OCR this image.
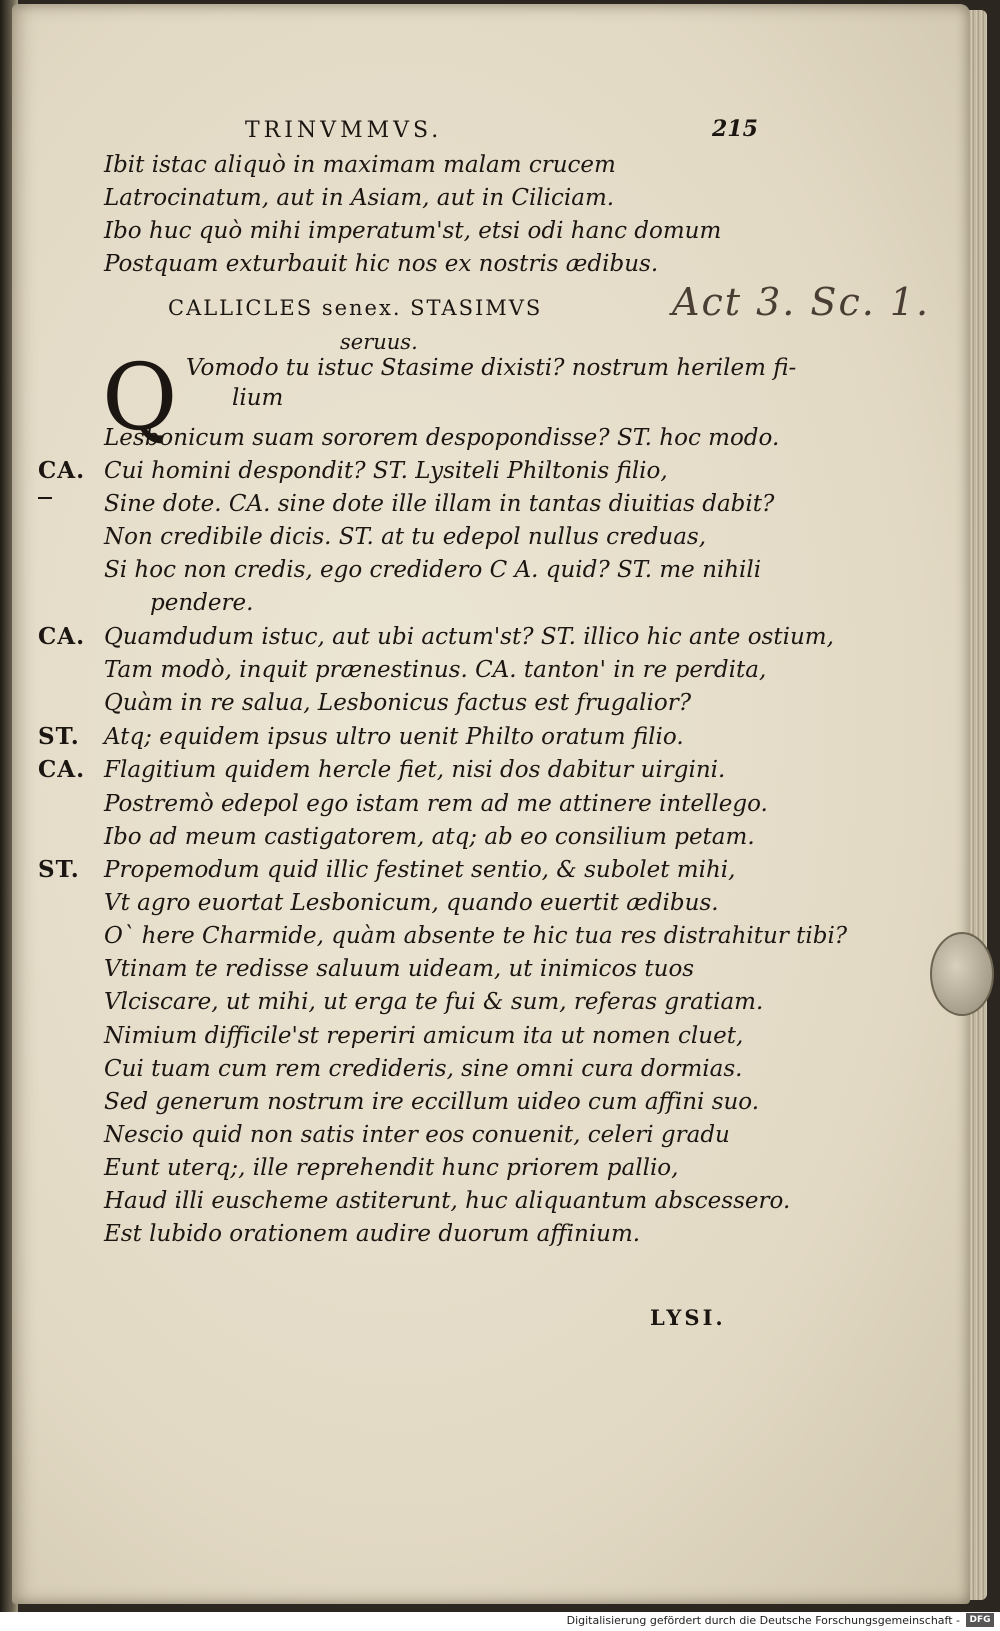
TRINVMMVS.	215
CALLICLES senex. STASIMVS
seruus.
Act 3. Sc. 1.
Q
Ibit istac aliquò in maximam malam crucem
Latrocinatum, aut in Asiam, aut in Ciliciam.
Ibo huc quò mihi imperatum'st, etsi odi hanc domum
Postquam exturbauit hic nos ex nostris ædibus.
Vomodo tu istuc Stasime dixisti? nostrum herilem fi-
lium
Lesbonicum suam sororem despopondisse? ST. hoc modo.
Cui homini despondit? ST. Lysiteli Philtonis filio,
CA.
Sine dote. CA. sine dote ille illam in tantas diuitias dabit?
Non credibile dicis. ST. at tu edepol nullus creduas,
Si hoc non credis, ego credidero C A. quid? ST. me nihili
pendere.
Quamdudum istuc, aut ubi actum'st? ST. illico hic ante ostium,
CA.
Tam modò, inquit prænestinus. CA. tanton' in re perdita,
Quàm in re salua, Lesbonicus factus est frugalior?
Atq; equidem ipsus ultro uenit Philto oratum filio.
ST.
Flagitium quidem hercle fiet, nisi dos dabitur uirgini.
CA.
Postremò edepol ego istam rem ad me attinere intellego.
Ibo ad meum castigatorem, atq; ab eo consilium petam.
Propemodum quid illic festinet sentio, & subolet mihi,
ST.
Vt agro euortat Lesbonicum, quando euertit ædibus.
O` here Charmide, quàm absente te hic tua res distrahitur tibi?
Vtinam te redisse saluum uideam, ut inimicos tuos
Vlciscare, ut mihi, ut erga te fui & sum, referas gratiam.
Nimium difficile'st reperiri amicum ita ut nomen cluet,
Cui tuam cum rem credideris, sine omni cura dormias.
Sed generum nostrum ire eccillum uideo cum affini suo.
Nescio quid non satis inter eos conuenit, celeri gradu
Eunt uterq;, ille reprehendit hunc priorem pallio,
Haud illi euscheme astiterunt, huc aliquantum abscessero.
Est lubido orationem audire duorum affinium.
LYSI.
Digitalisierung gefördert durch die Deutsche Forschungsgemeinschaft -	DFG
